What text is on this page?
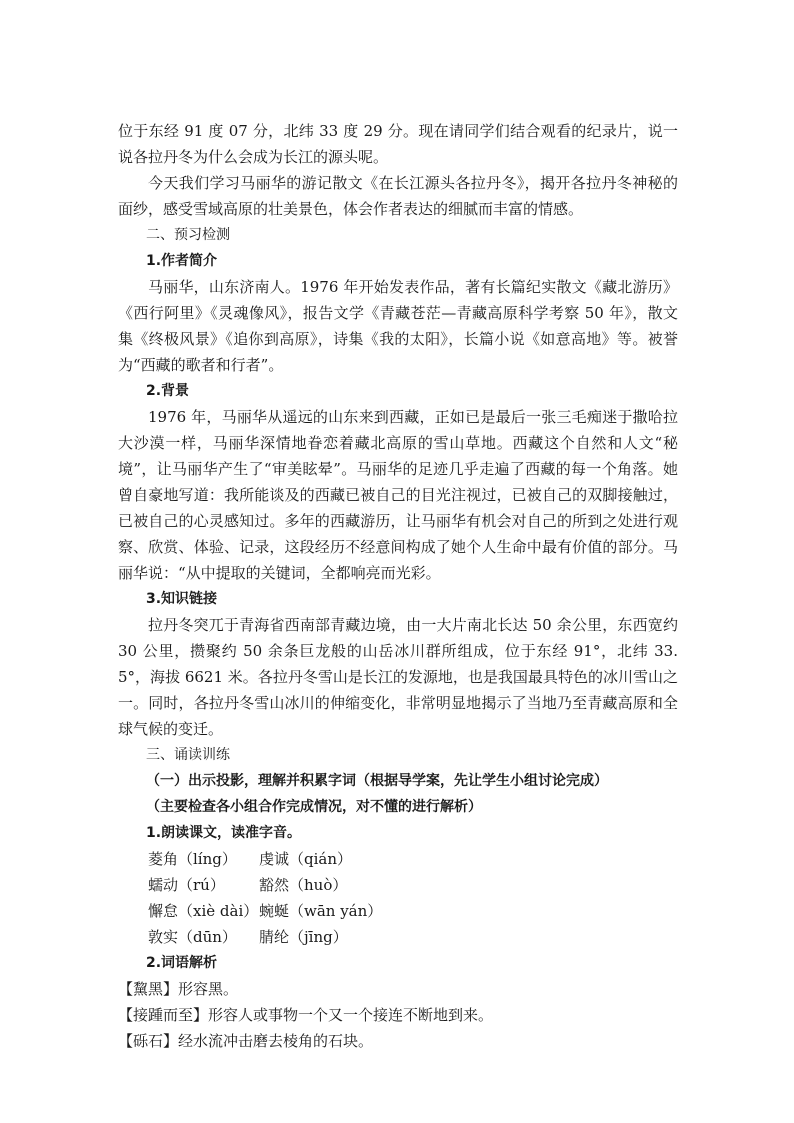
位于东经 91 度 07 分，北纬 33 度 29 分。现在请同学们结合观看的纪录片，说一说各拉丹冬为什么会成为长江的源头呢。

今天我们学习马丽华的游记散文《在长江源头各拉丹冬》，揭开各拉丹冬神秘的面纱，感受雪域高原的壮美景色，体会作者表达的细腻而丰富的情感。

二、预习检测

1.作者简介

马丽华，山东济南人。1976 年开始发表作品，著有长篇纪实散文《藏北游历》《西行阿里》《灵魂像风》，报告文学《青藏苍茫—青藏高原科学考察 50 年》，散文集《终极风景》《追你到高原》，诗集《我的太阳》，长篇小说《如意高地》等。被誉为“西藏的歌者和行者”。

2.背景

1976 年，马丽华从遥远的山东来到西藏，正如已是最后一张三毛痴迷于撒哈拉大沙漠一样，马丽华深情地眷恋着藏北高原的雪山草地。西藏这个自然和人文“秘境”，让马丽华产生了“审美眩晕”。马丽华的足迹几乎走遍了西藏的每一个角落。她曾自豪地写道：我所能谈及的西藏已被自己的目光注视过，已被自己的双脚接触过，已被自己的心灵感知过。多年的西藏游历，让马丽华有机会对自己的所到之处进行观察、欣赏、体验、记录，这段经历不经意间构成了她个人生命中最有价值的部分。马丽华说：“从中提取的关键词，全都响亮而光彩。

3.知识链接

拉丹冬突兀于青海省西南部青藏边境，由一大片南北长达 50 余公里，东西宽约 30 公里，攒聚约 50 余条巨龙般的山岳冰川群所组成，位于东经 91°，北纬 33.5°，海拔 6621 米。各拉丹冬雪山是长江的发源地，也是我国最具特色的冰川雪山之一。同时，各拉丹冬雪山冰川的伸缩变化，非常明显地揭示了当地乃至青藏高原和全球气候的变迁。

三、诵读训练

（一）出示投影，理解并积累字词（根据导学案，先让学生小组讨论完成）

（主要检查各小组合作完成情况，对不懂的进行解析）

1.朗读课文，读准字音。

菱角（líng）	虔诚（qián）
蠕动（rú）	豁然（huò）
懈怠（xiè dài） 蜿蜒（wān yán）
敦实（dūn）	腈纶（jīng）

2.词语解析

【黧黑】形容黑。

【接踵而至】形容人或事物一个又一个接连不断地到来。

【砾石】经水流冲击磨去棱角的石块。
